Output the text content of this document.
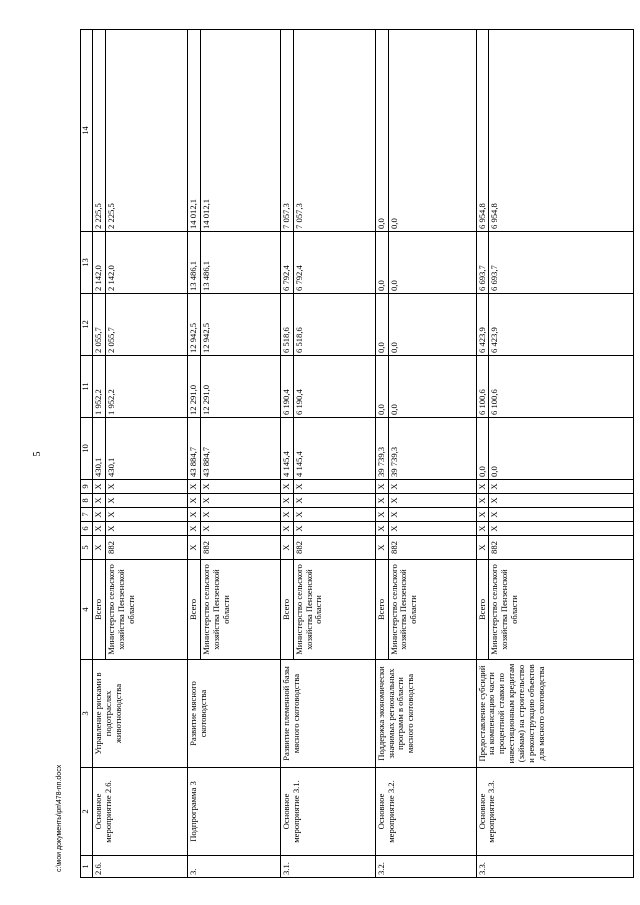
5
1	2	3	4	5	6	7	8	9	10	11	12	13	14
2.6.	Основное мероприятие 2.6.	Управление рисками в подотраслях животноводства	Всего	Х	Х	Х	Х	Х	430,1	1 952,2	2 055,7	2 142,0	2 225,5
			Министерство сельского хозяйства Пензенской области	882	Х	Х	Х	Х	430,1	1 952,2	2 055,7	2 142,0	2 225,5
3.	Подпрограмма 3	Развитие мясного скотоводства	Всего	Х	Х	Х	Х	Х	43 884,7	12 291,0	12 942,5	13 486,1	14 012,1
			Министерство сельского хозяйства Пензенской области	882	Х	Х	Х	Х	43 884,7	12 291,0	12 942,5	13 486,1	14 012,1
3.1.	Основное мероприятие 3.1.	Развитие племенной базы мясного скотоводства	Всего	Х	Х	Х	Х	Х	4 145,4	6 190,4	6 518,6	6 792,4	7 057,3
			Министерство сельского хозяйства Пензенской области	882	Х	Х	Х	Х	4 145,4	6 190,4	6 518,6	6 792,4	7 057,3
3.2.	Основное мероприятие 3.2.	Поддержка экономически значимых региональных программ в области мясного скотоводства	Всего	Х	Х	Х	Х	Х	39 739,3	0,0	0,0	0,0	0,0
			Министерство сельского хозяйства Пензенской области	882	Х	Х	Х	Х	39 739,3	0,0	0,0	0,0	0,0
3.3.	Основное мероприятие 3.3.	Предоставление субсидий на компенсацию части процентной ставки по инвестиционным кредитам (займам) на строительство и реконструкцию объектов для мясного скотоводства	Всего	Х	Х	Х	Х	Х	0,0	6 100,6	6 423,9	6 693,7	6 954,8
			Министерство сельского хозяйства Пензенской области	882	Х	Х	Х	Х	0,0	6 100,6	6 423,9	6 693,7	6 954,8
c:\мои документы\рп\478-пп.docx
